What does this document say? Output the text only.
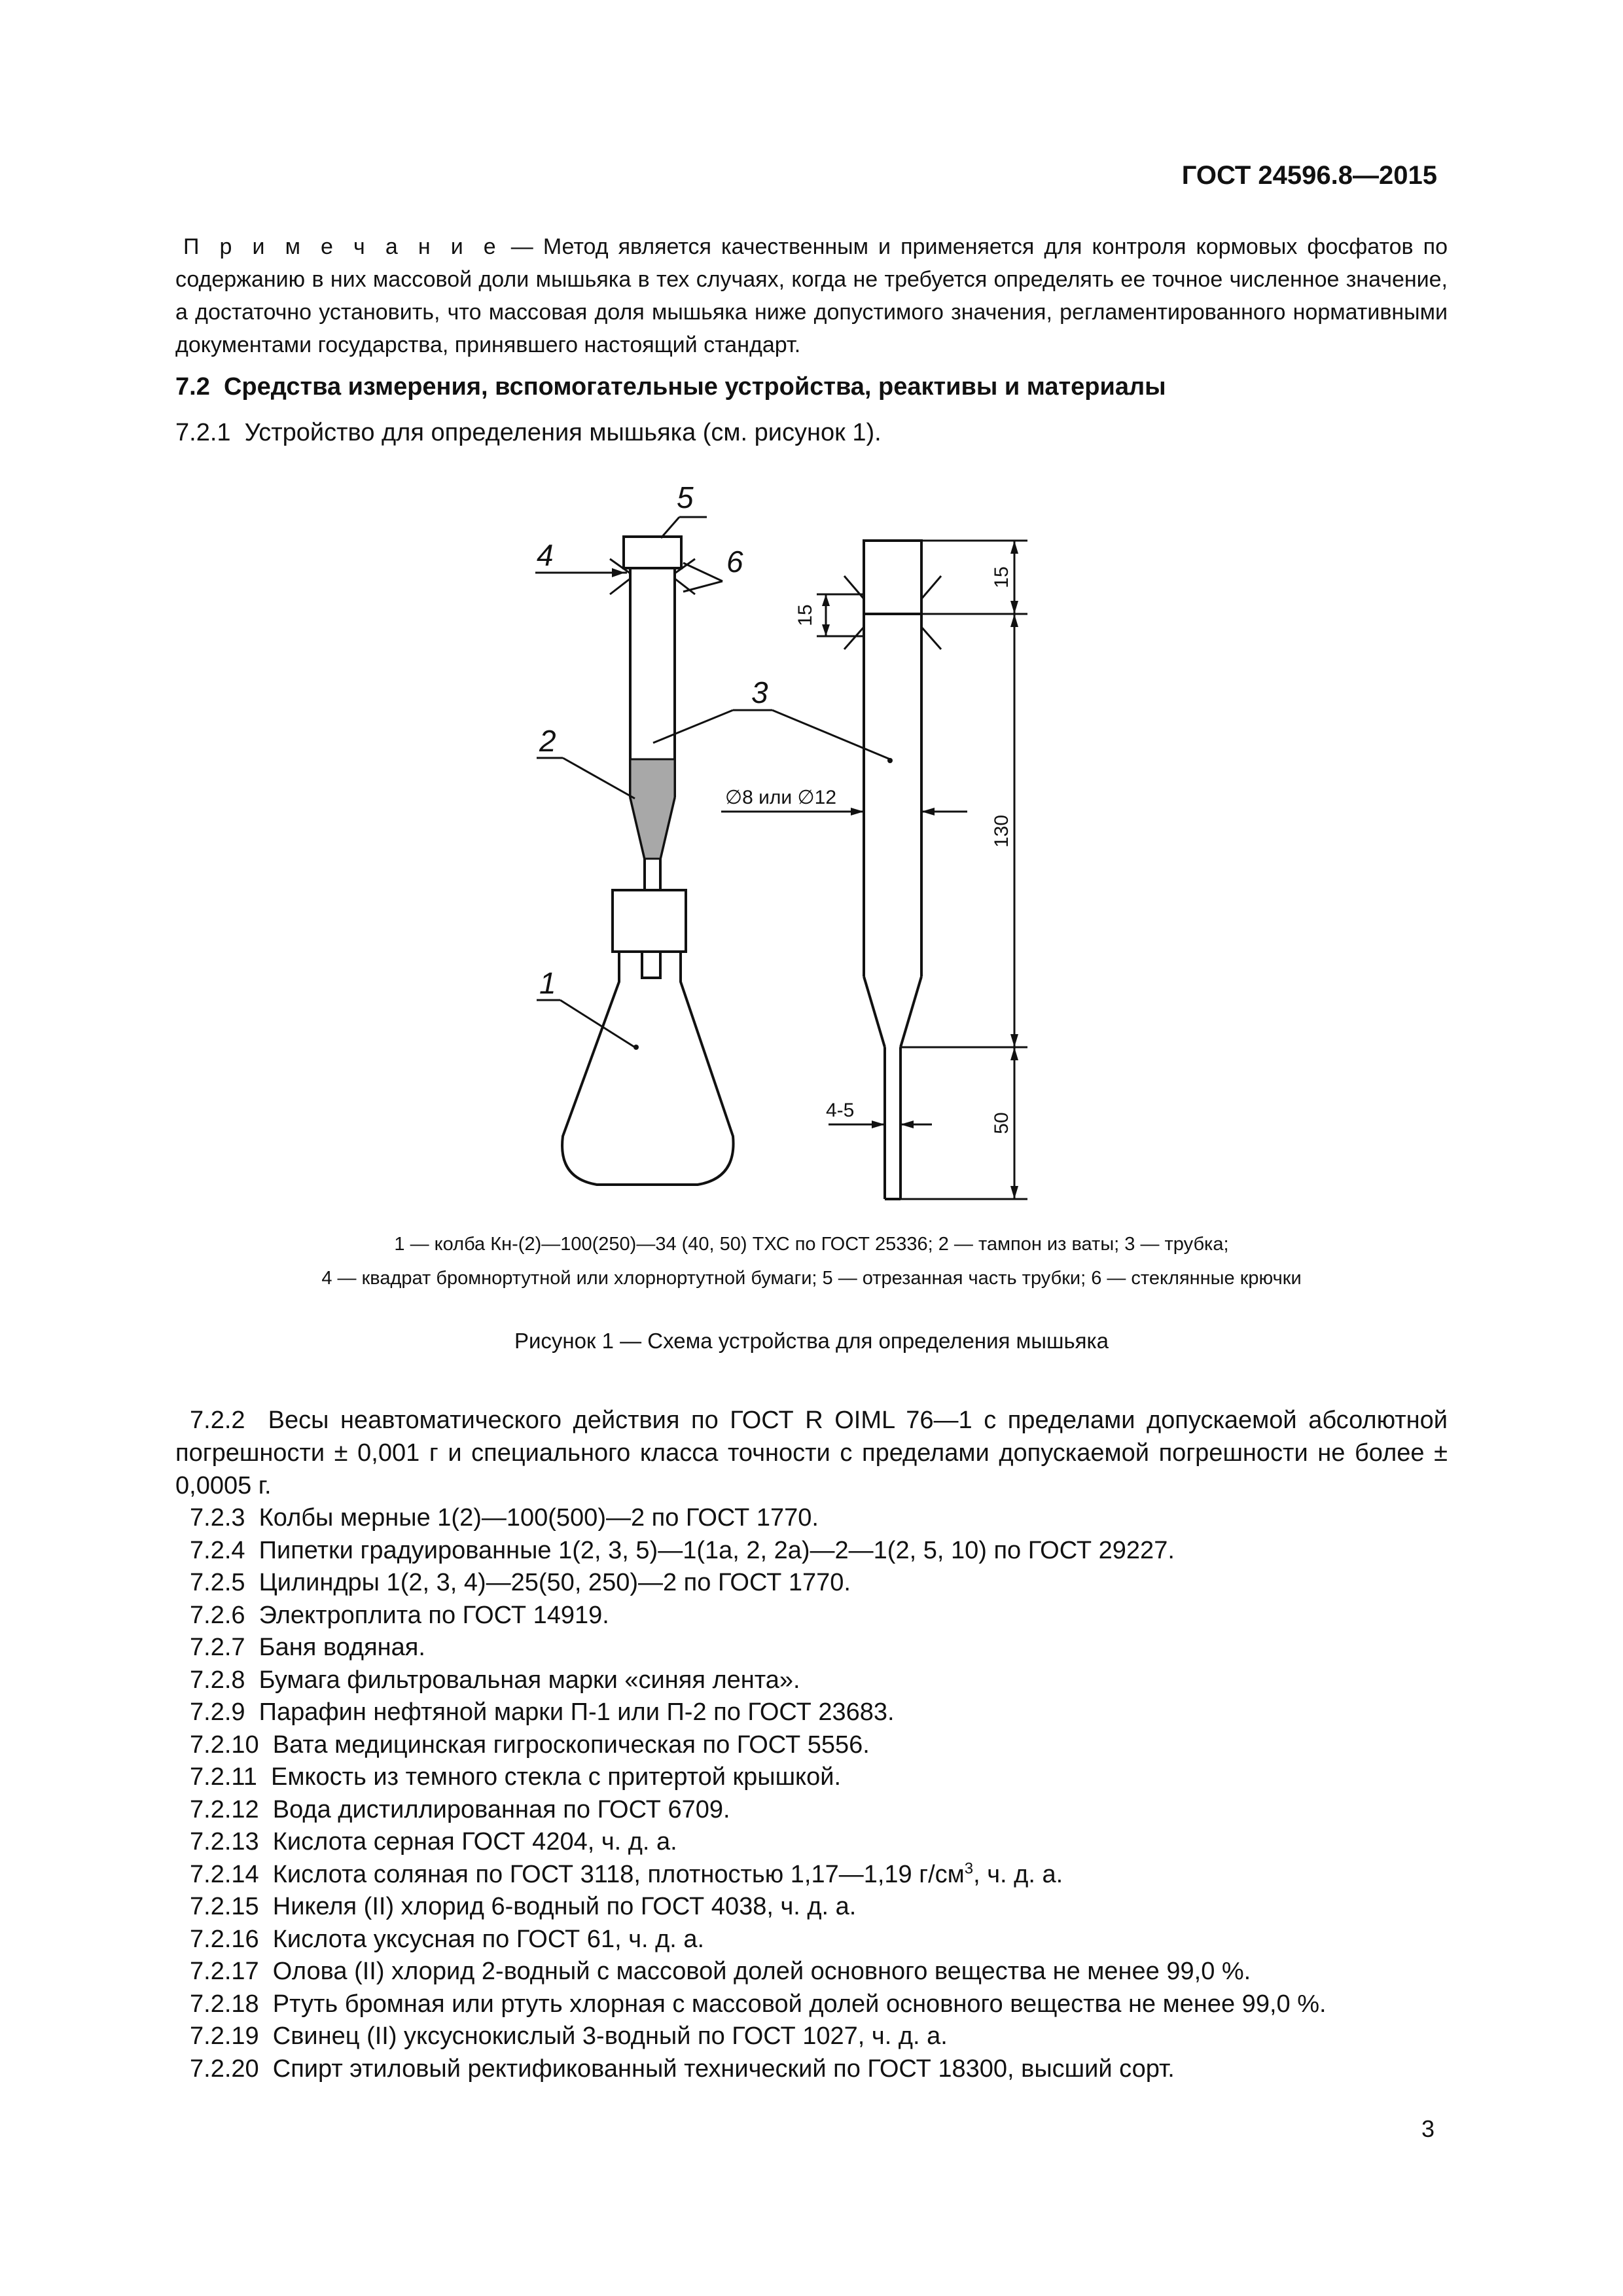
ГОСТ 24596.8—2015
П р и м е ч а н и е — Метод является качественным и применяется для контроля кормовых фосфатов по содержанию в них массовой доли мышьяка в тех случаях, когда не требуется определять ее точное численное значение, а достаточно установить, что массовая доля мышьяка ниже допустимого значения, регламентированного нормативными документами государства, принявшего настоящий стандарт.
7.2 Средства измерения, вспомогательные устройства, реактивы и материалы
7.2.1 Устройство для определения мышьяка (см. рисунок 1).
5
4	6
3
2
1
∅8 или ∅12
4-5
15
15
130
50
1 — колба Кн-(2)—100(250)—34 (40, 50) ТХС по ГОСТ 25336; 2 — тампон из ваты; 3 — трубка;
4 — квадрат бромнортутной или хлорнортутной бумаги; 5 — отрезанная часть трубки; 6 — стеклянные крючки
Рисунок 1 — Схема устройства для определения мышьяка
7.2.2 Весы неавтоматического действия по ГОСТ R OIML 76—1 с пределами допускаемой абсолютной погрешности ± 0,001 г и специального класса точности с пределами допускаемой погрешности не более ± 0,0005 г.
7.2.3 Колбы мерные 1(2)—100(500)—2 по ГОСТ 1770.
7.2.4 Пипетки градуированные 1(2, 3, 5)—1(1а, 2, 2а)—2—1(2, 5, 10) по ГОСТ 29227.
7.2.5 Цилиндры 1(2, 3, 4)—25(50, 250)—2 по ГОСТ 1770.
7.2.6 Электроплита по ГОСТ 14919.
7.2.7 Баня водяная.
7.2.8 Бумага фильтровальная марки «синяя лента».
7.2.9 Парафин нефтяной марки П-1 или П-2 по ГОСТ 23683.
7.2.10 Вата медицинская гигроскопическая по ГОСТ 5556.
7.2.11 Емкость из темного стекла с притертой крышкой.
7.2.12 Вода дистиллированная по ГОСТ 6709.
7.2.13 Кислота серная ГОСТ 4204, ч. д. а.
7.2.14 Кислота соляная по ГОСТ 3118, плотностью 1,17—1,19 $г/см^3$, ч. д. а.
7.2.15 Никеля (II) хлорид 6-водный по ГОСТ 4038, ч. д. а.
7.2.16 Кислота уксусная по ГОСТ 61, ч. д. а.
7.2.17 Олова (II) хлорид 2-водный с массовой долей основного вещества не менее 99,0 %.
7.2.18 Ртуть бромная или ртуть хлорная с массовой долей основного вещества не менее 99,0 %.
7.2.19 Свинец (II) уксуснокислый 3-водный по ГОСТ 1027, ч. д. а.
7.2.20 Спирт этиловый ректификованный технический по ГОСТ 18300, высший сорт.
3
